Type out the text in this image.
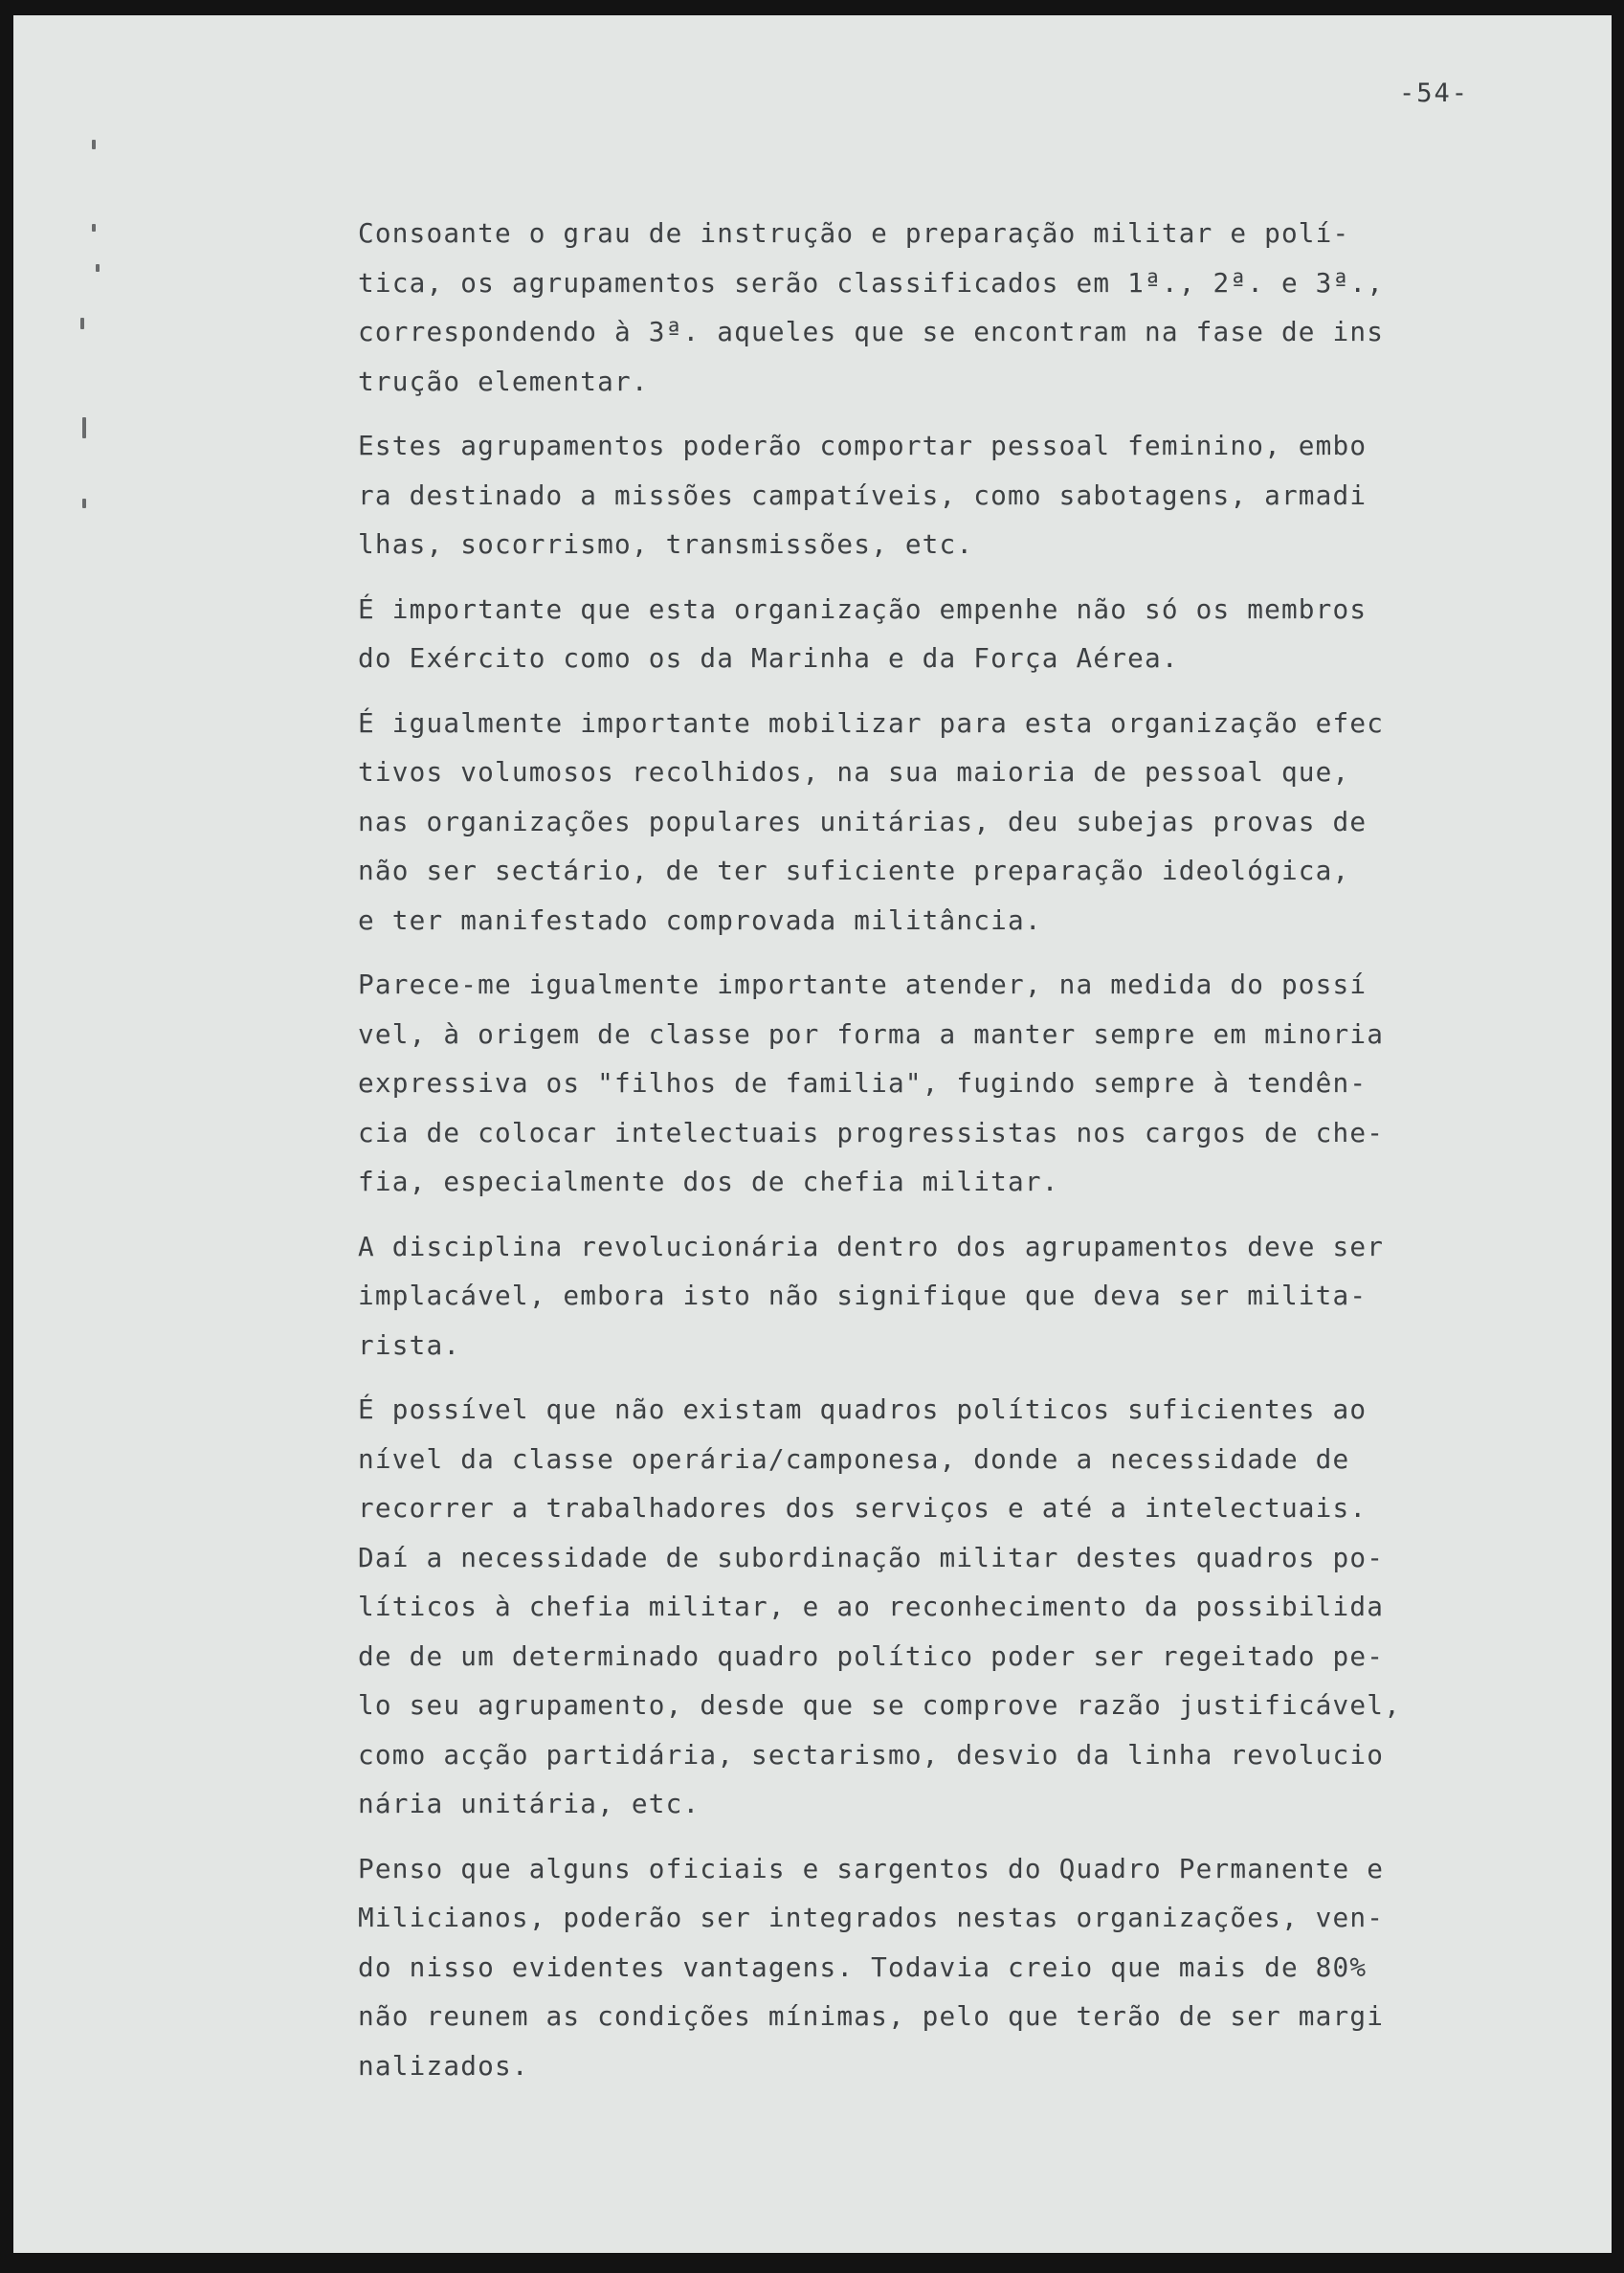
-54-
Consoante o grau de instrução e preparação militar e polí-
tica, os agrupamentos serão classificados em 1ª., 2ª. e 3ª.,
correspondendo à 3ª. aqueles que se encontram na fase de ins
trução elementar.
Estes agrupamentos poderão comportar pessoal feminino, embo
ra destinado a missões campatíveis, como sabotagens, armadi
lhas, socorrismo, transmissões, etc.
É importante que esta organização empenhe não só os membros
do Exército como os da Marinha e da Força Aérea.
É igualmente importante mobilizar para esta organização efec
tivos volumosos recolhidos, na sua maioria de pessoal que,
nas organizações populares unitárias, deu subejas provas de
não ser sectário, de ter suficiente preparação ideológica,
e ter manifestado comprovada militância.
Parece-me igualmente importante atender, na medida do possí
vel, à origem de classe por forma a manter sempre em minoria
expressiva os "filhos de familia", fugindo sempre à tendên-
cia de colocar intelectuais progressistas nos cargos de che-
fia, especialmente dos de chefia militar.
A disciplina revolucionária dentro dos agrupamentos deve ser
implacável, embora isto não signifique que deva ser milita-
rista.
É possível que não existam quadros políticos suficientes ao
nível da classe operária/camponesa, donde a necessidade de
recorrer a trabalhadores dos serviços e até a intelectuais.
Daí a necessidade de subordinação militar destes quadros po-
líticos à chefia militar, e ao reconhecimento da possibilida
de de um determinado quadro político poder ser regeitado pe-
lo seu agrupamento, desde que se comprove razão justificável,
como acção partidária, sectarismo, desvio da linha revolucio
nária unitária, etc.
Penso que alguns oficiais e sargentos do Quadro Permanente e
Milicianos, poderão ser integrados nestas organizações, ven-
do nisso evidentes vantagens. Todavia creio que mais de 80%
não reunem as condições mínimas, pelo que terão de ser margi
nalizados.
